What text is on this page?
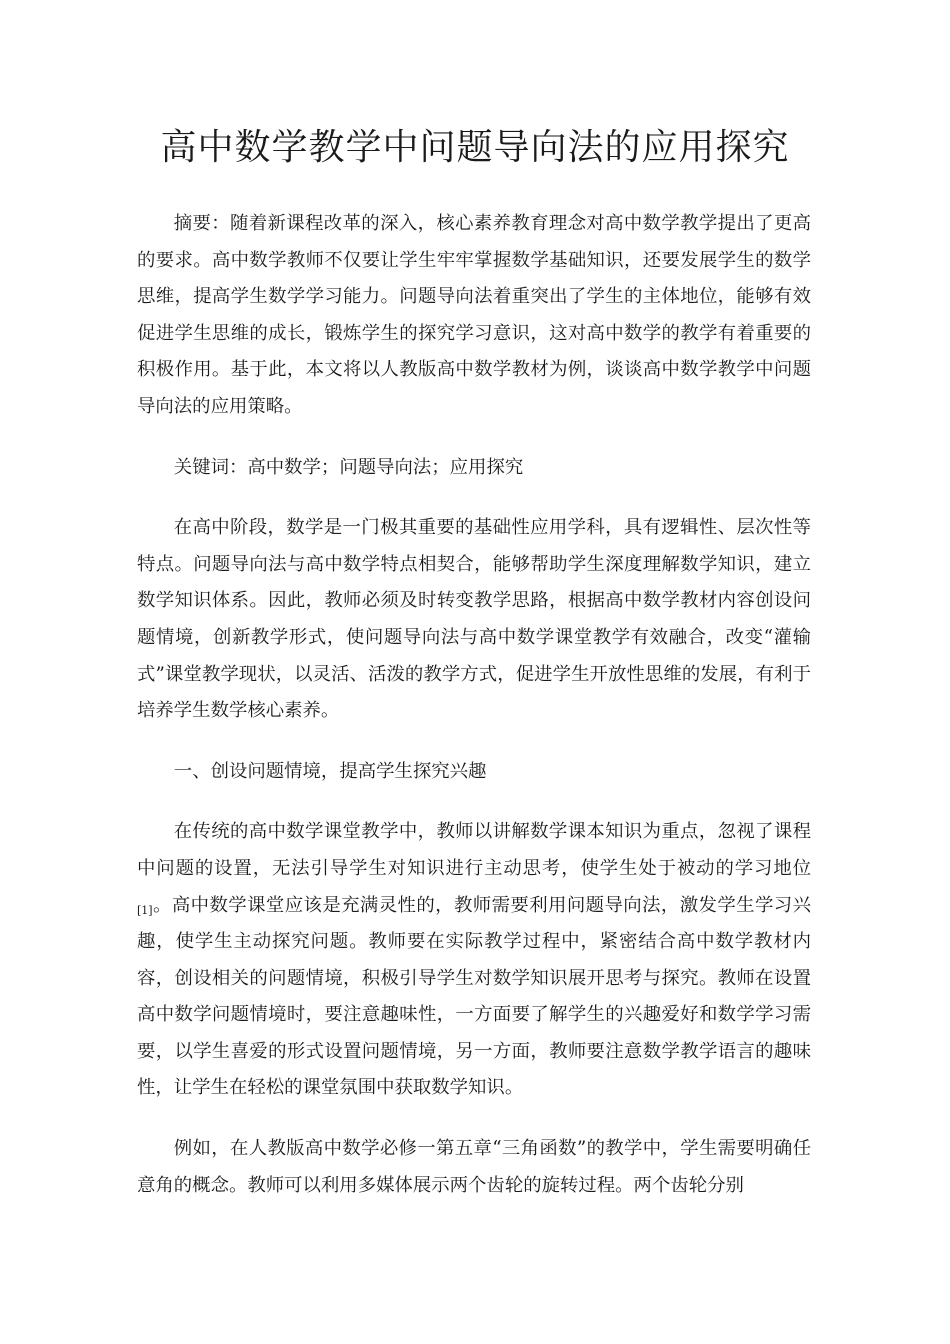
高中数学教学中问题导向法的应用探究

摘要：随着新课程改革的深入，核心素养教育理念对高中数学教学提出了更高的要求。高中数学教师不仅要让学生牢牢掌握数学基础知识，还要发展学生的数学思维，提高学生数学学习能力。问题导向法着重突出了学生的主体地位，能够有效促进学生思维的成长，锻炼学生的探究学习意识，这对高中数学的教学有着重要的积极作用。基于此，本文将以人教版高中数学教材为例，谈谈高中数学教学中问题导向法的应用策略。

关键词：高中数学；问题导向法；应用探究

在高中阶段，数学是一门极其重要的基础性应用学科，具有逻辑性、层次性等特点。问题导向法与高中数学特点相契合，能够帮助学生深度理解数学知识，建立数学知识体系。因此，教师必须及时转变教学思路，根据高中数学教材内容创设问题情境，创新教学形式，使问题导向法与高中数学课堂教学有效融合，改变“灌输式”课堂教学现状，以灵活、活泼的教学方式，促进学生开放性思维的发展，有利于培养学生数学核心素养。

一、创设问题情境，提高学生探究兴趣

在传统的高中数学课堂教学中，教师以讲解数学课本知识为重点，忽视了课程中问题的设置，无法引导学生对知识进行主动思考，使学生处于被动的学习地位[1]。高中数学课堂应该是充满灵性的，教师需要利用问题导向法，激发学生学习兴趣，使学生主动探究问题。教师要在实际教学过程中，紧密结合高中数学教材内容，创设相关的问题情境，积极引导学生对数学知识展开思考与探究。教师在设置高中数学问题情境时，要注意趣味性，一方面要了解学生的兴趣爱好和数学学习需要，以学生喜爱的形式设置问题情境，另一方面，教师要注意数学教学语言的趣味性，让学生在轻松的课堂氛围中获取数学知识。

例如，在人教版高中数学必修一第五章“三角函数”的教学中，学生需要明确任意角的概念。教师可以利用多媒体展示两个齿轮的旋转过程。两个齿轮分别
